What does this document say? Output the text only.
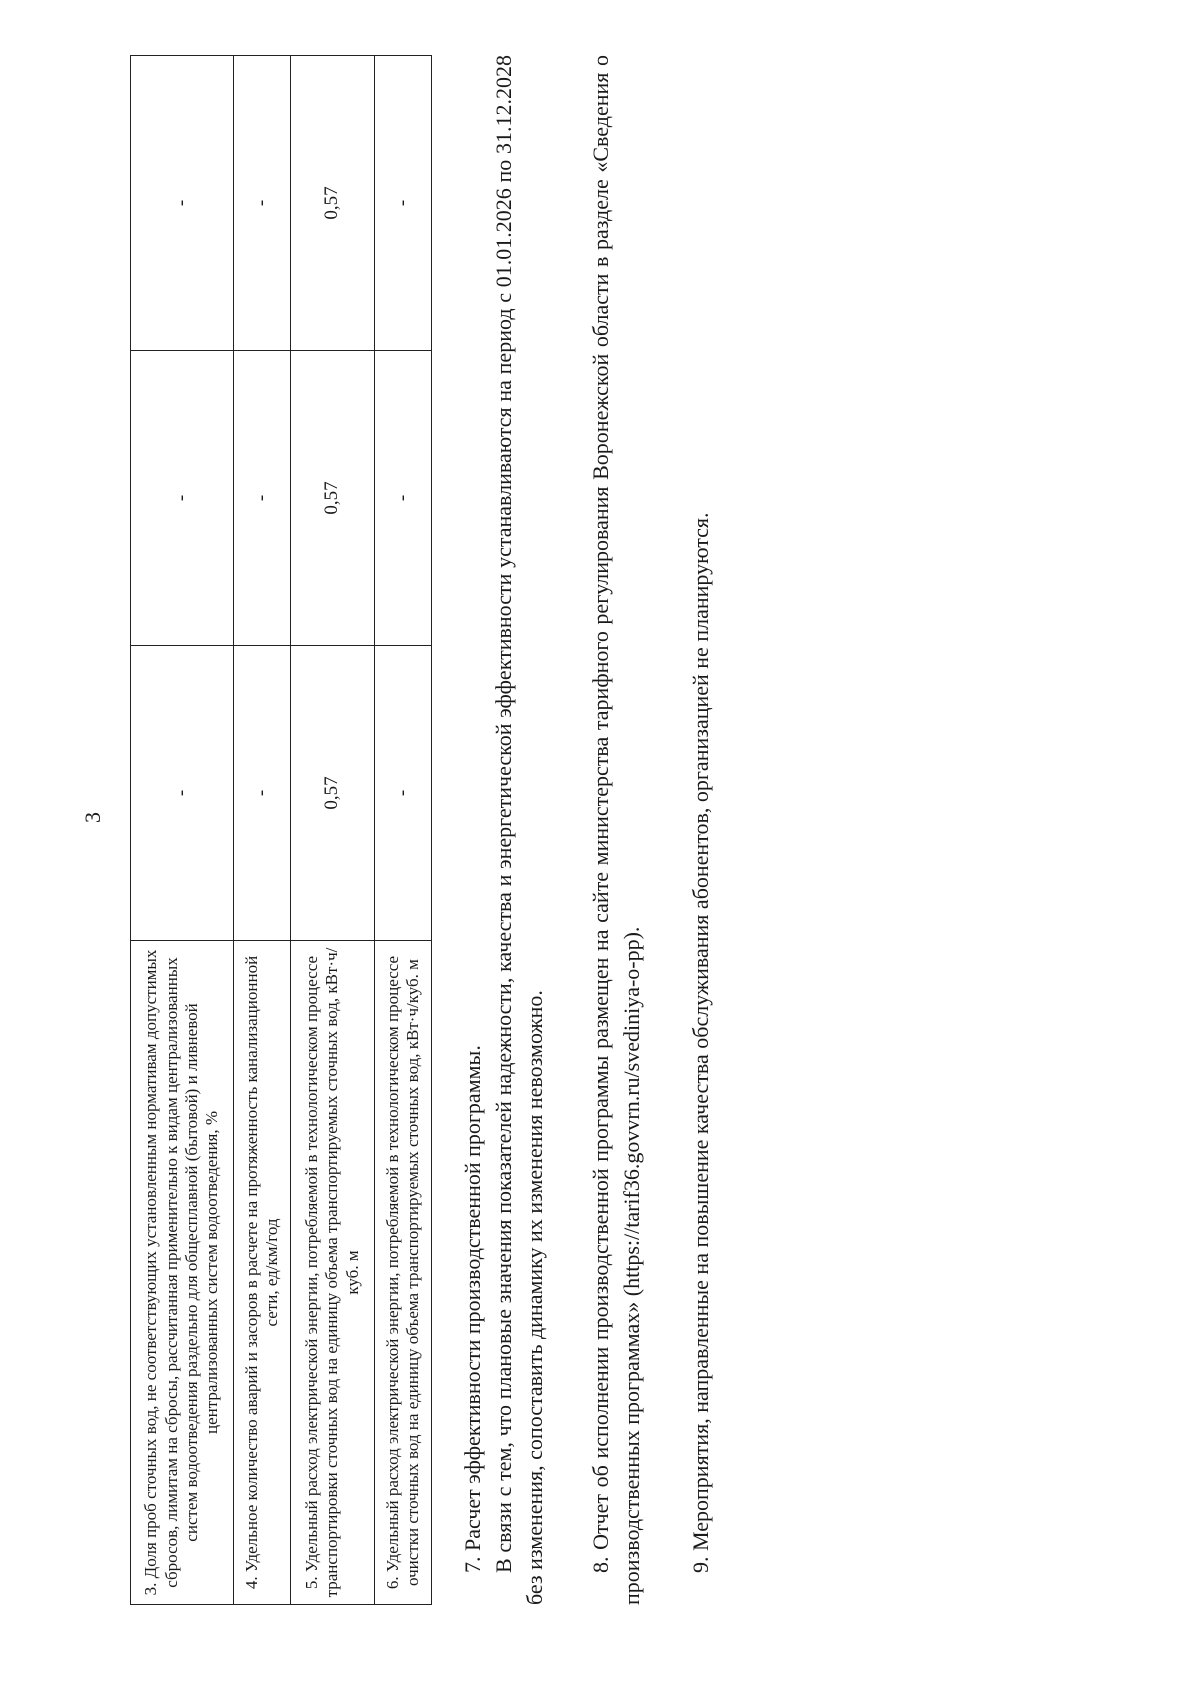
3
3. Доля проб сточных вод, не соответствующих установленным нормативам допустимых сбросов, лимитам на сбросы, рассчитанная применительно к видам централизованных систем водоотведения раздельно для общесплавной (бытовой) и ливневой централизованных систем водоотведения, %	-	-	-

4. Удельное количество аварий и засоров в расчете на протяженность канализационной сети, ед/км/год	-	-	-

5. Удельный расход электрической энергии, потребляемой в технологическом процессе транспортировки сточных вод на единицу объема транспортируемых сточных вод, кВт·ч/куб. м	0,57	0,57	0,57

6. Удельный расход электрической энергии, потребляемой в технологическом процессе очистки сточных вод на единицу объема транспортируемых сточных вод, кВт·ч/куб. м	-	-	-
7. Расчет эффективности производственной программы. В связи с тем, что плановые значения показателей надежности, качества и энергетической эффективности устанавливаются на период с 01.01.2026 по 31.12.2028 без изменения, сопоставить динамику их изменения невозможно. 8. Отчет об исполнении производственной программы размещен на сайте министерства тарифного регулирования Воронежской области в разделе «Сведения о производственных программах» (https://tarif36.govvrn.ru/svediniya-o-pp). 9. Мероприятия, направленные на повышение качества обслуживания абонентов, организацией не планируются.
